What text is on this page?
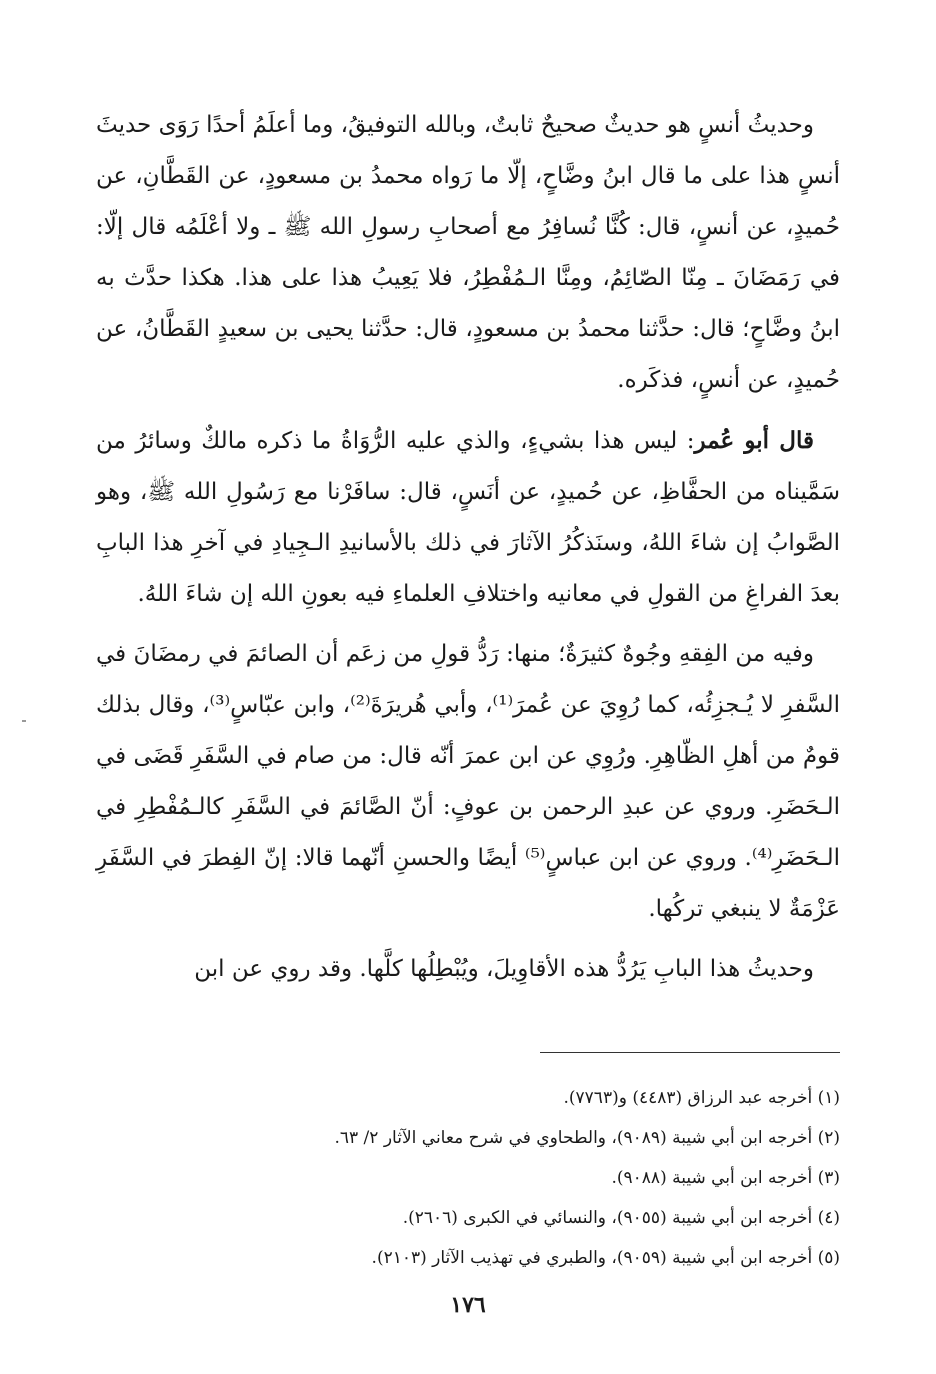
وحديثُ أنسٍ هو حديثٌ صحيحٌ ثابتٌ، وبالله التوفيقُ، وما أعلَمُ أحدًا رَوَى حديثَ أنسٍ هذا على ما قال ابنُ وضَّاحٍ، إلّا ما رَواه محمدُ بن مسعودٍ، عن القَطَّانِ، عن حُميدٍ، عن أنسٍ، قال: كُنَّا نُسافِرُ مع أصحابِ رسولِ الله ﷺ ـ ولا أعْلَمُه قال إلّا: في رَمَضَانَ ـ مِنّا الصّائِمُ، ومِنَّا الـمُفْطِرُ، فلا يَعِيبُ هذا على هذا. هكذا حدَّث به ابنُ وضَّاحٍ؛ قال: حدَّثنا محمدُ بن مسعودٍ، قال: حدَّثنا يحيى بن سعيدٍ القَطَّانُ، عن حُميدٍ، عن أنسٍ، فذكَره.

قال أبو عُمر: ليس هذا بشيءٍ، والذي عليه الرُّوَاةُ ما ذكره مالكٌ وسائرُ من سَمَّيناه من الحفَّاظِ، عن حُميدٍ، عن أنَسٍ، قال: سافَرْنا مع رَسُولِ الله ﷺ، وهو الصَّوابُ إن شاءَ اللهُ، وسنَذكُرُ الآثارَ في ذلك بالأسانيدِ الـجِيادِ في آخرِ هذا البابِ بعدَ الفراغِ من القولِ في معانيه واختلافِ العلماءِ فيه بعونِ الله إن شاءَ اللهُ.

وفيه من الفِقهِ وجُوهٌ كثيرَةٌ؛ منها: رَدُّ قولِ من زعَم أن الصائمَ في رمضَانَ في السَّفرِ لا يُـجزِئُه، كما رُوِيَ عن عُمرَ⁽¹⁾، وأبي هُريرَةَ⁽²⁾، وابن عبّاسٍ⁽³⁾، وقال بذلك قومٌ من أهلِ الظّاهِرِ. ورُوِي عن ابن عمرَ أنّه قال: من صام في السَّفَرِ قَضَى في الـحَضَرِ. وروي عن عبدِ الرحمن بن عوفٍ: أنّ الصَّائمَ في السَّفَرِ كالـمُفْطِرِ في الـحَضَرِ⁽⁴⁾. وروي عن ابن عباسٍ⁽⁵⁾ أيضًا والحسنِ أنّهما قالا: إنّ الفِطرَ في السَّفَرِ عَزْمَةٌ لا ينبغي تركُها.

وحديثُ هذا البابِ يَرُدُّ هذه الأقاوِيلَ، ويُبْطِلُها كلَّها. وقد روي عن ابن

(١) أخرجه عبد الرزاق (٤٤٨٣) و(٧٧٦٣).
(٢) أخرجه ابن أبي شيبة (٩٠٨٩)، والطحاوي في شرح معاني الآثار ٢/ ٦٣.
(٣) أخرجه ابن أبي شيبة (٩٠٨٨).
(٤) أخرجه ابن أبي شيبة (٩٠٥٥)، والنسائي في الكبرى (٢٦٠٦).
(٥) أخرجه ابن أبي شيبة (٩٠٥٩)، والطبري في تهذيب الآثار (٢١٠٣).
١٧٦
